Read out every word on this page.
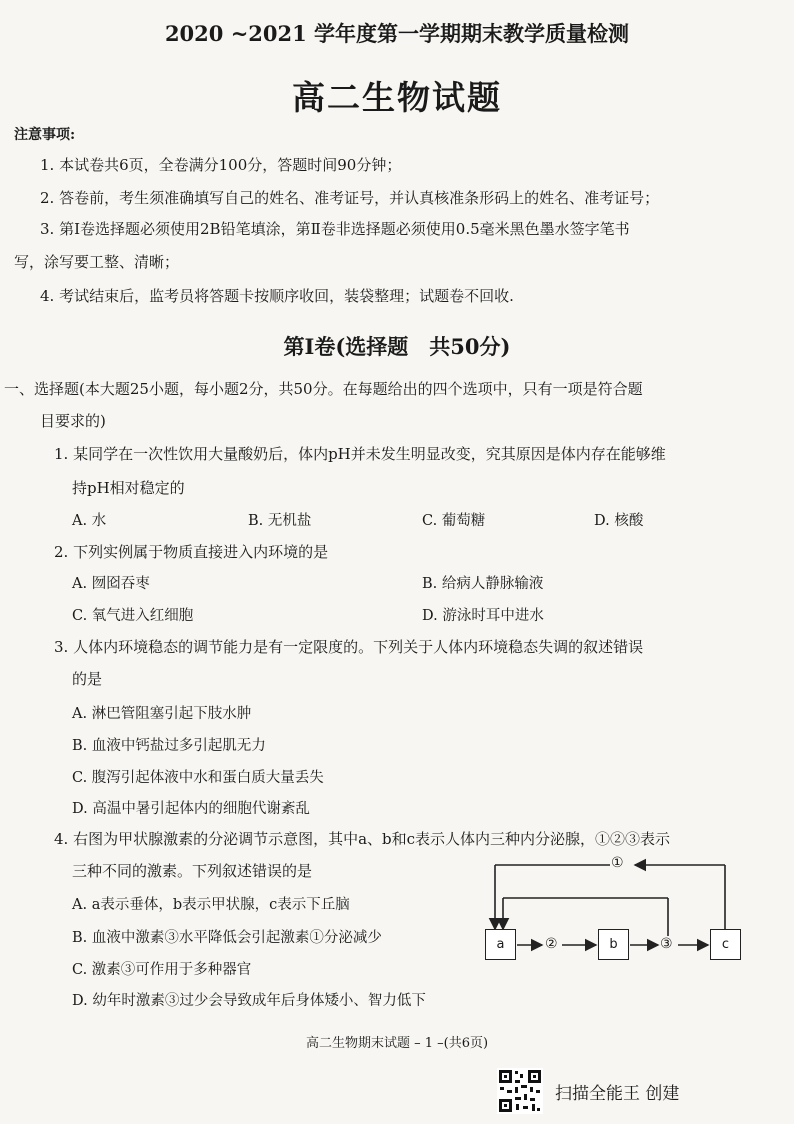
2020 ~2021 学年度第一学期期末教学质量检测
高二生物试题
注意事项:
1. 本试卷共6页，全卷满分100分，答题时间90分钟；
2. 答卷前，考生须准确填写自己的姓名、准考证号，并认真核准条形码上的姓名、准考证号；
3. 第Ⅰ卷选择题必须使用2B铅笔填涂，第Ⅱ卷非选择题必须使用0.5毫米黑色墨水签字笔书
写，涂写要工整、清晰；
4. 考试结束后，监考员将答题卡按顺序收回，装袋整理；试题卷不回收.
第Ⅰ卷(选择题　共50分)
一、选择题(本大题25小题，每小题2分，共50分。在每题给出的四个选项中，只有一项是符合题
目要求的)
1. 某同学在一次性饮用大量酸奶后，体内pH并未发生明显改变，究其原因是体内存在能够维
持pH相对稳定的
A. 水	B. 无机盐	C. 葡萄糖	D. 核酸
2. 下列实例属于物质直接进入内环境的是
A. 囫囵吞枣	B. 给病人静脉输液
C. 氧气进入红细胞	D. 游泳时耳中进水
3. 人体内环境稳态的调节能力是有一定限度的。下列关于人体内环境稳态失调的叙述错误
的是
A. 淋巴管阻塞引起下肢水肿
B. 血液中钙盐过多引起肌无力
C. 腹泻引起体液中水和蛋白质大量丢失
D. 高温中暑引起体内的细胞代谢紊乱
4. 右图为甲状腺激素的分泌调节示意图，其中a、b和c表示人体内三种内分泌腺，①②③表示
三种不同的激素。下列叙述错误的是
A. a表示垂体，b表示甲状腺，c表示下丘脑
B. 血液中激素③水平降低会引起激素①分泌减少
C. 激素③可作用于多种器官
D. 幼年时激素③过少会导致成年后身体矮小、智力低下
a	b	c
①
②	③
高二生物期末试题 – 1 –(共6页)
扫描全能王 创建
